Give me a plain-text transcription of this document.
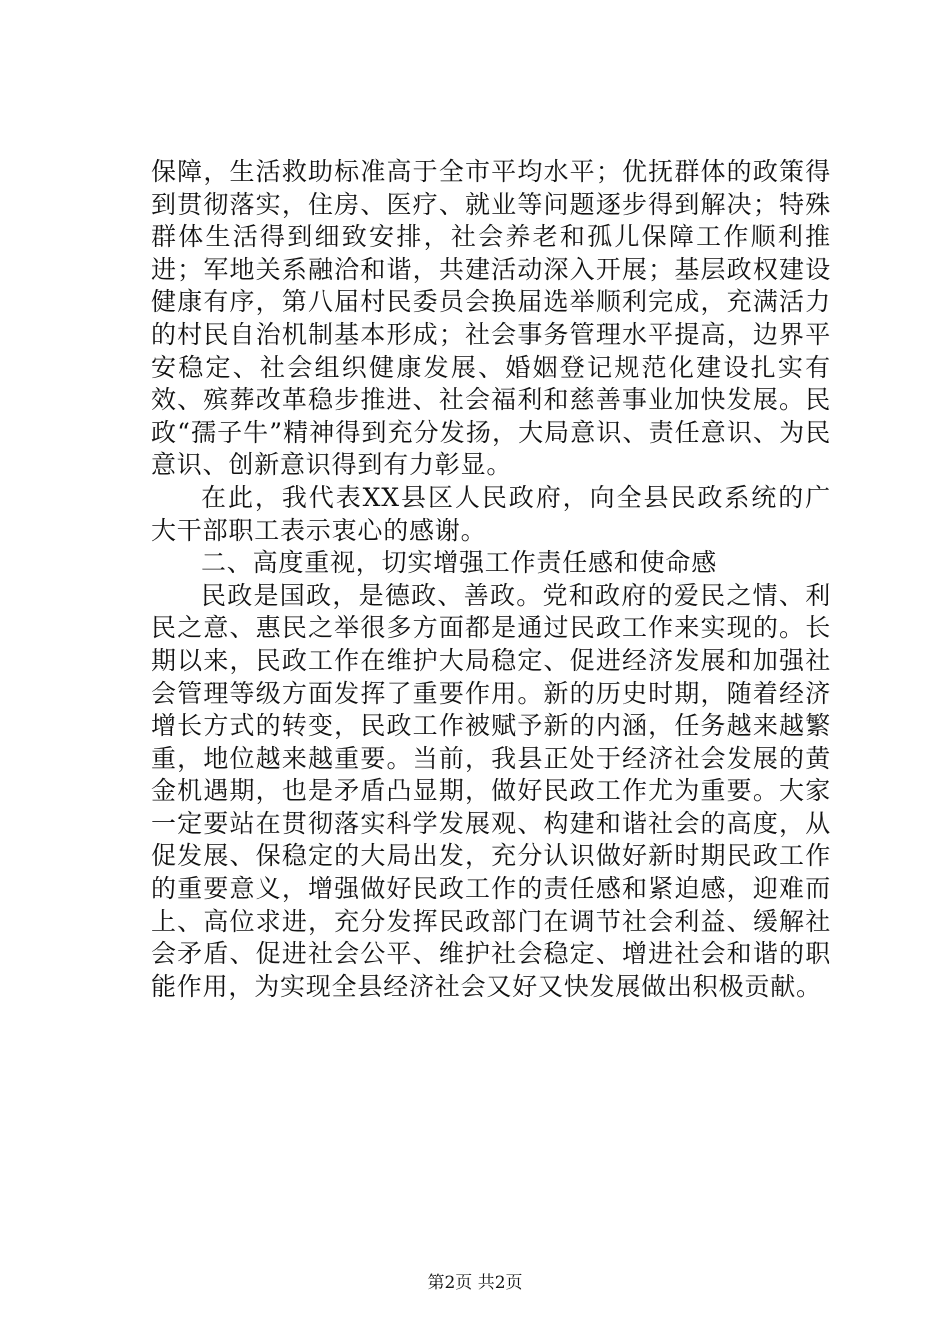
保障，生活救助标准高于全市平均水平；优抚群体的政策得到贯彻落实，住房、医疗、就业等问题逐步得到解决；特殊群体生活得到细致安排，社会养老和孤儿保障工作顺利推进；军地关系融洽和谐，共建活动深入开展；基层政权建设健康有序，第八届村民委员会换届选举顺利完成，充满活力的村民自治机制基本形成；社会事务管理水平提高，边界平安稳定、社会组织健康发展、婚姻登记规范化建设扎实有效、殡葬改革稳步推进、社会福利和慈善事业加快发展。民政“孺子牛”精神得到充分发扬，大局意识、责任意识、为民意识、创新意识得到有力彰显。

在此，我代表XX县区人民政府，向全县民政系统的广大干部职工表示衷心的感谢。

二、高度重视，切实增强工作责任感和使命感

民政是国政，是德政、善政。党和政府的爱民之情、利民之意、惠民之举很多方面都是通过民政工作来实现的。长期以来，民政工作在维护大局稳定、促进经济发展和加强社会管理等级方面发挥了重要作用。新的历史时期，随着经济增长方式的转变，民政工作被赋予新的内涵，任务越来越繁重，地位越来越重要。当前，我县正处于经济社会发展的黄金机遇期，也是矛盾凸显期，做好民政工作尤为重要。大家一定要站在贯彻落实科学发展观、构建和谐社会的高度，从促发展、保稳定的大局出发，充分认识做好新时期民政工作的重要意义，增强做好民政工作的责任感和紧迫感，迎难而上、高位求进，充分发挥民政部门在调节社会利益、缓解社会矛盾、促进社会公平、维护社会稳定、增进社会和谐的职能作用，为实现全县经济社会又好又快发展做出积极贡献。

第2页 共2页
